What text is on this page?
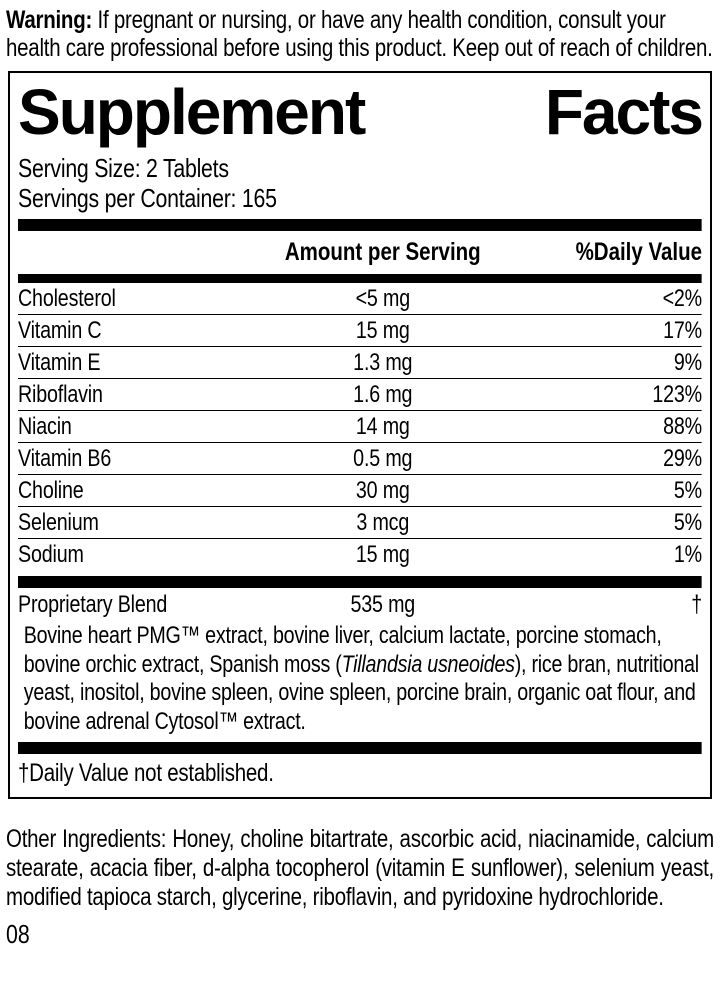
Warning: If pregnant or nursing, or have any health condition, consult your health care professional before using this product. Keep out of reach of children.
Supplement	Facts
Serving Size: 2 Tablets
Servings per Container: 165
Amount per Serving	%Daily Value
Cholesterol	<5 mg	<2%
Vitamin C	15 mg	17%
Vitamin E	1.3 mg	9%
Riboflavin	1.6 mg	123%
Niacin	14 mg	88%
Vitamin B6	0.5 mg	29%
Choline	30 mg	5%
Selenium	3 mcg	5%
Sodium	15 mg	1%
Proprietary Blend	535 mg	†
Bovine heart PMG™ extract, bovine liver, calcium lactate, porcine stomach, bovine orchic extract, Spanish moss (Tillandsia usneoides), rice bran, nutritional yeast, inositol, bovine spleen, ovine spleen, porcine brain, organic oat flour, and bovine adrenal Cytosol™ extract.
†Daily Value not established.
Other Ingredients: Honey, choline bitartrate, ascorbic acid, niacinamide, calcium stearate, acacia fiber, d-alpha tocopherol (vitamin E sunflower), selenium yeast, modified tapioca starch, glycerine, riboflavin, and pyridoxine hydrochloride.
08
